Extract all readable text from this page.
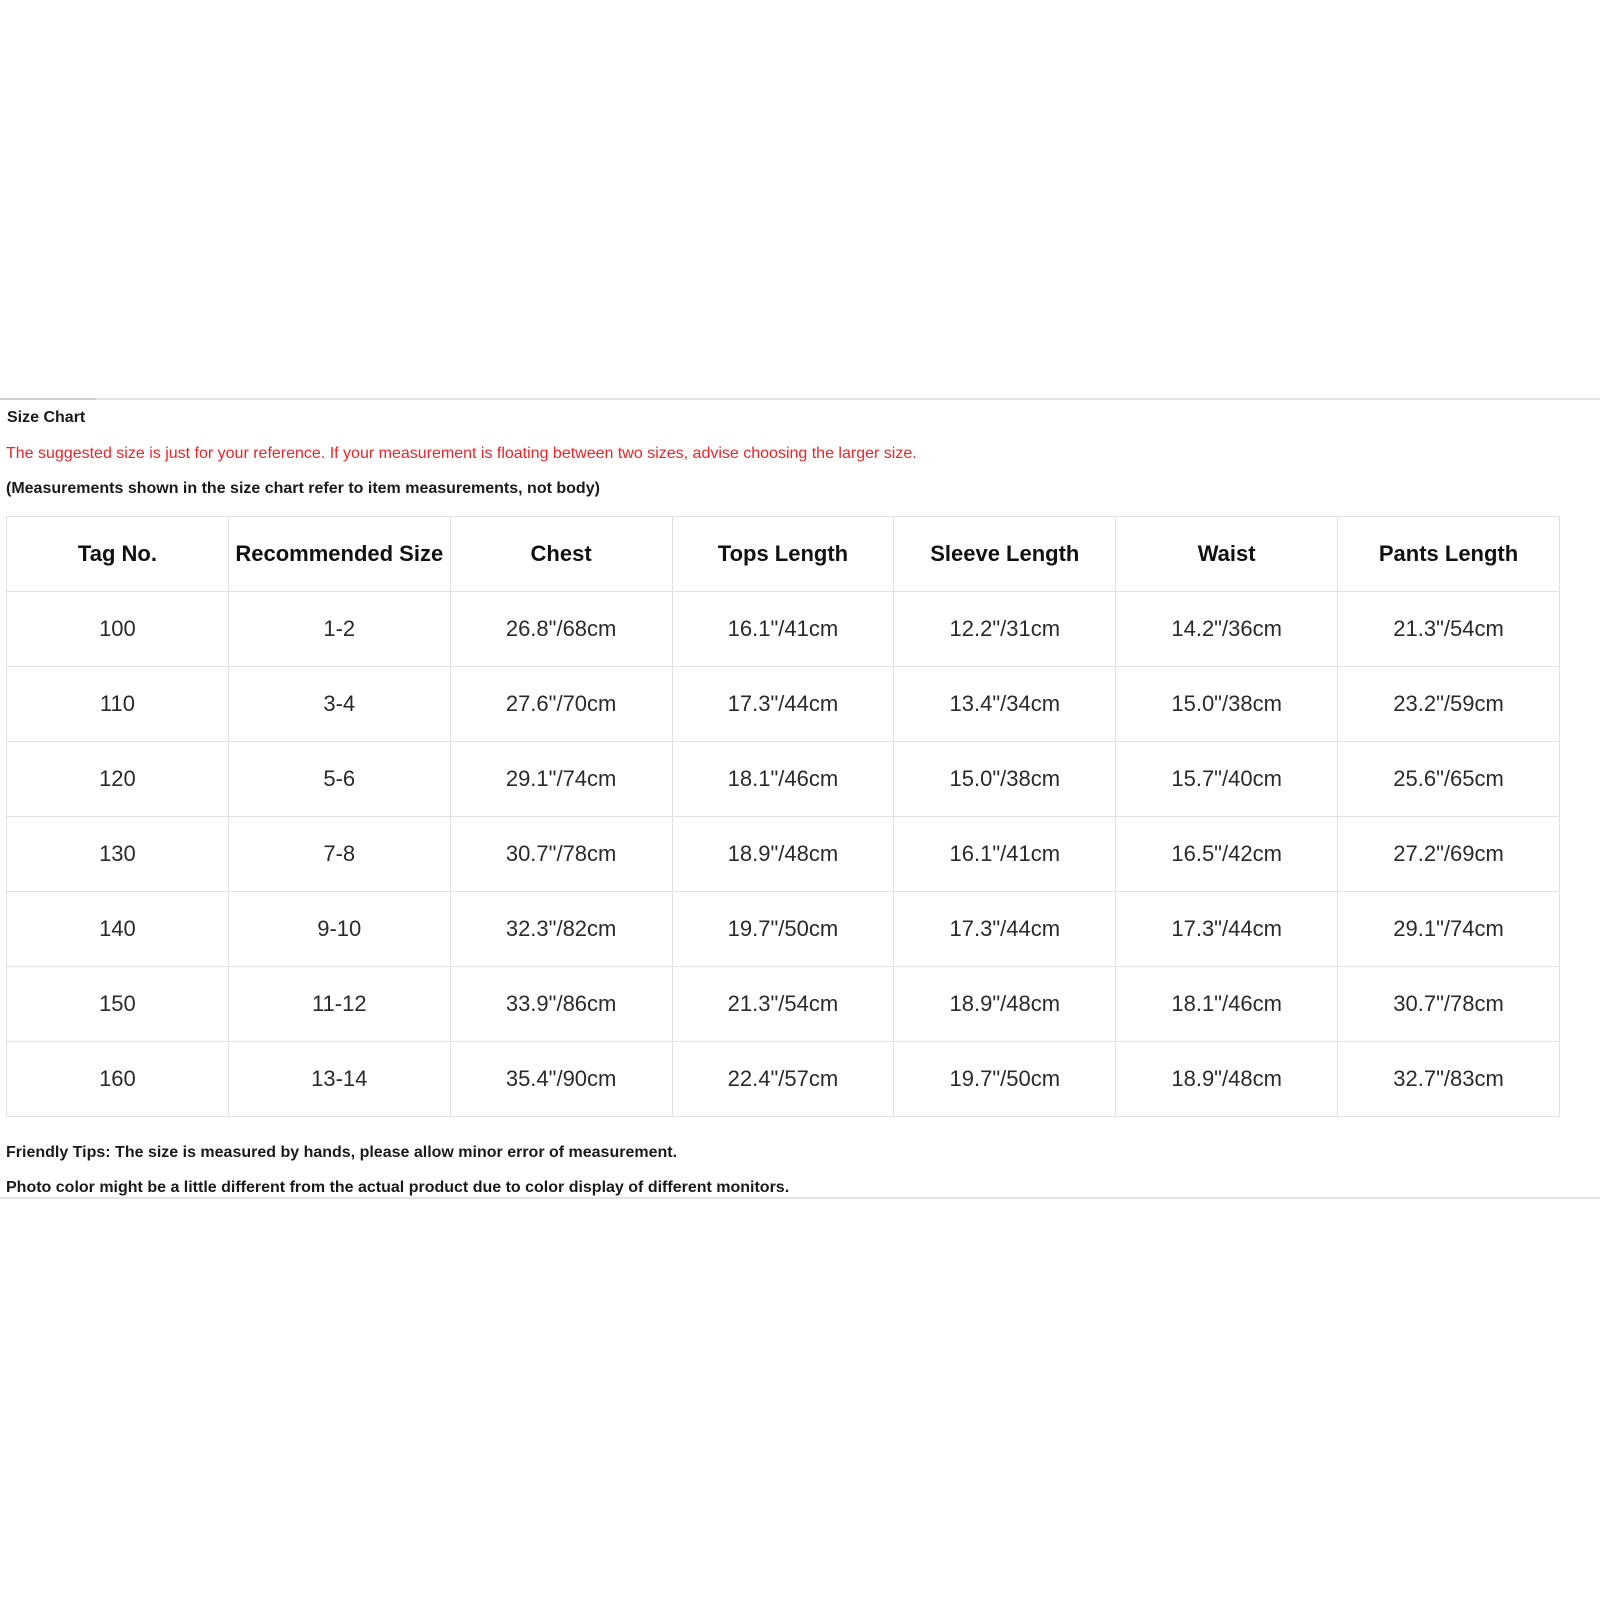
Size Chart
The suggested size is just for your reference. If your measurement is floating between two sizes, advise choosing the larger size.
(Measurements shown in the size chart refer to item measurements, not body)
Tag No.	Recommended Size	Chest	Tops Length	Sleeve Length	Waist	Pants Length
100	1-2	26.8"/68cm	16.1"/41cm	12.2"/31cm	14.2"/36cm	21.3"/54cm
110	3-4	27.6"/70cm	17.3"/44cm	13.4"/34cm	15.0"/38cm	23.2"/59cm
120	5-6	29.1"/74cm	18.1"/46cm	15.0"/38cm	15.7"/40cm	25.6"/65cm
130	7-8	30.7"/78cm	18.9"/48cm	16.1"/41cm	16.5"/42cm	27.2"/69cm
140	9-10	32.3"/82cm	19.7"/50cm	17.3"/44cm	17.3"/44cm	29.1"/74cm
150	11-12	33.9"/86cm	21.3"/54cm	18.9"/48cm	18.1"/46cm	30.7"/78cm
160	13-14	35.4"/90cm	22.4"/57cm	19.7"/50cm	18.9"/48cm	32.7"/83cm
Friendly Tips: The size is measured by hands, please allow minor error of measurement.
Photo color might be a little different from the actual product due to color display of different monitors.
